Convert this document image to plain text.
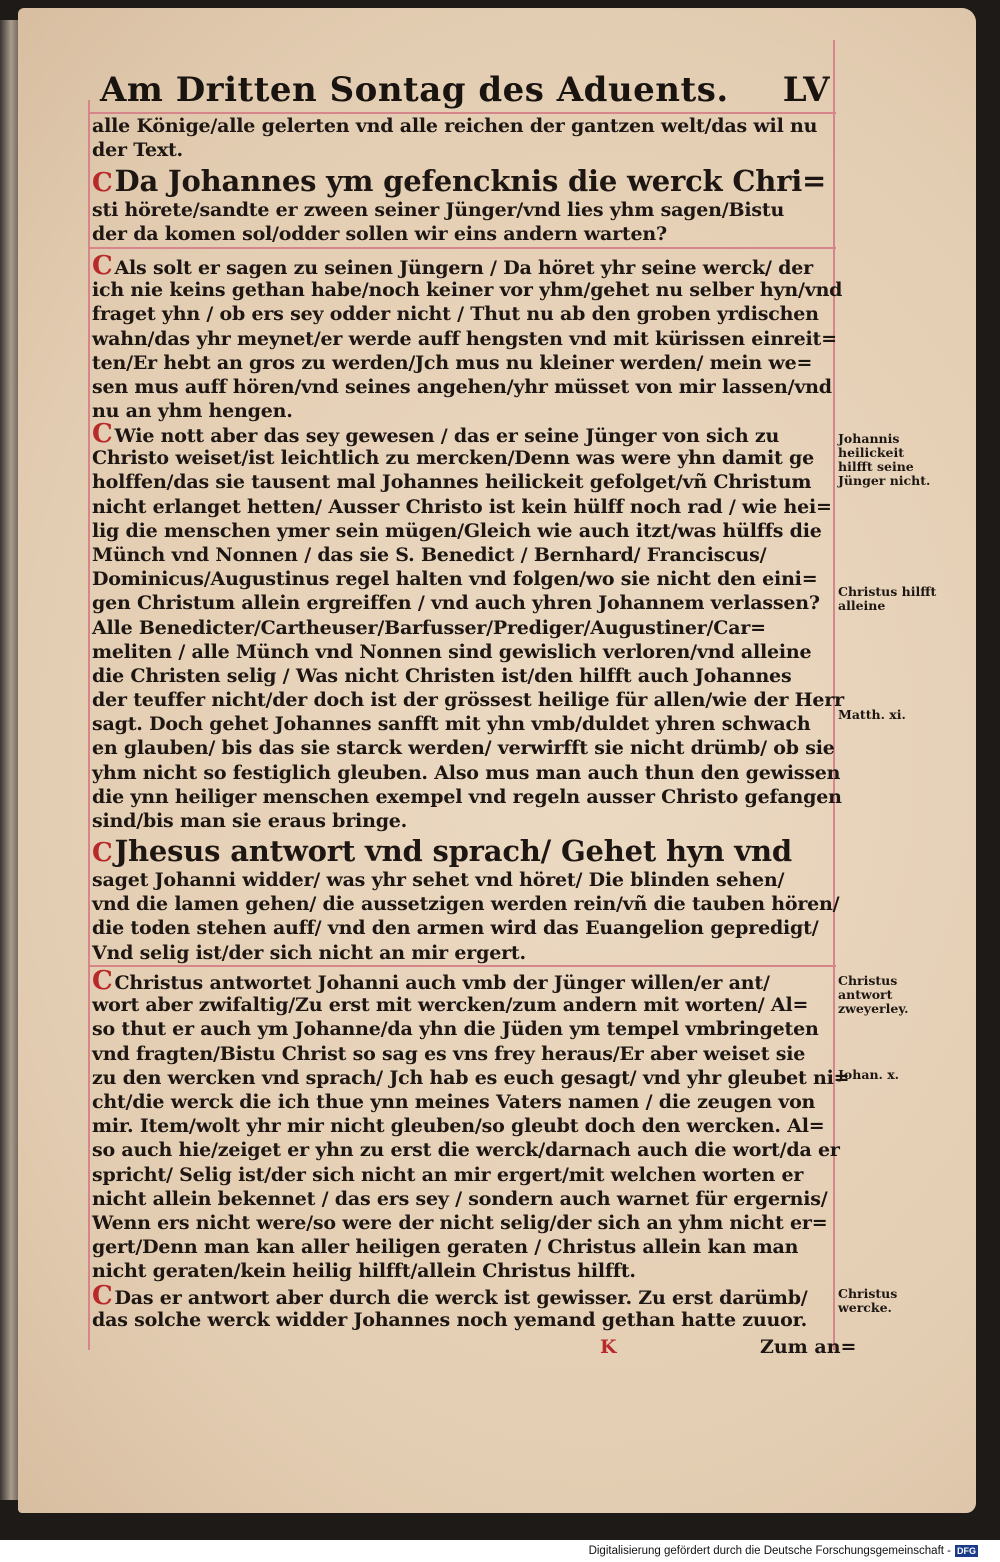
Am Dritten Sontag des Aduents. LV
alle Könige/alle gelerten vnd alle reichen der gantzen welt/das wil nu
der Text.
CDa Johannes ym gefencknis die werck Chri=
sti hörete/sandte er zween seiner Jünger/vnd lies yhm sagen/Bistu
der da komen sol/odder sollen wir eins andern warten?
C Als solt er sagen zu seinen Jüngern / Da höret yhr seine werck/ der
ich nie keins gethan habe/noch keiner vor yhm/gehet nu selber hyn/vnd
fraget yhn / ob ers sey odder nicht / Thut nu ab den groben yrdischen
wahn/das yhr meynet/er werde auff hengsten vnd mit kürissen einreit=
ten/Er hebt an gros zu werden/Jch mus nu kleiner werden/ mein we=
sen mus auff hören/vnd seines angehen/yhr müsset von mir lassen/vnd
nu an yhm hengen.
C Wie nott aber das sey gewesen / das er seine Jünger von sich zu
Christo weiset/ist leichtlich zu mercken/Denn was were yhn damit ge
holffen/das sie tausent mal Johannes heilickeit gefolget/vñ Christum
nicht erlanget hetten/ Ausser Christo ist kein hülff noch rad / wie hei=
lig die menschen ymer sein mügen/Gleich wie auch itzt/was hülffs die
Münch vnd Nonnen / das sie S. Benedict / Bernhard/ Franciscus/
Dominicus/Augustinus regel halten vnd folgen/wo sie nicht den eini=
gen Christum allein ergreiffen / vnd auch yhren Johannem verlassen?
Alle Benedicter/Cartheuser/Barfusser/Prediger/Augustiner/Car=
meliten / alle Münch vnd Nonnen sind gewislich verloren/vnd alleine
die Christen selig / Was nicht Christen ist/den hilfft auch Johannes
der teuffer nicht/der doch ist der grössest heilige für allen/wie der Herr
sagt. Doch gehet Johannes sanfft mit yhn vmb/duldet yhren schwach
en glauben/ bis das sie starck werden/ verwirfft sie nicht drümb/ ob sie
yhm nicht so festiglich gleuben. Also mus man auch thun den gewissen
die ynn heiliger menschen exempel vnd regeln ausser Christo gefangen
sind/bis man sie eraus bringe.
CJhesus antwort vnd sprach/ Gehet hyn vnd
saget Johanni widder/ was yhr sehet vnd höret/ Die blinden sehen/
vnd die lamen gehen/ die aussetzigen werden rein/vñ die tauben hören/
die toden stehen auff/ vnd den armen wird das Euangelion gepredigt/
Vnd selig ist/der sich nicht an mir ergert.
C Christus antwortet Johanni auch vmb der Jünger willen/er ant/
wort aber zwifaltig/Zu erst mit wercken/zum andern mit worten/ Al=
so thut er auch ym Johanne/da yhn die Jüden ym tempel vmbringeten
vnd fragten/Bistu Christ so sag es vns frey heraus/Er aber weiset sie
zu den wercken vnd sprach/ Jch hab es euch gesagt/ vnd yhr gleubet ni=
cht/die werck die ich thue ynn meines Vaters namen / die zeugen von
mir. Item/wolt yhr mir nicht gleuben/so gleubt doch den wercken. Al=
so auch hie/zeiget er yhn zu erst die werck/darnach auch die wort/da er
spricht/ Selig ist/der sich nicht an mir ergert/mit welchen worten er
nicht allein bekennet / das ers sey / sondern auch warnet für ergernis/
Wenn ers nicht were/so were der nicht selig/der sich an yhm nicht er=
gert/Denn man kan aller heiligen geraten / Christus allein kan man
nicht geraten/kein heilig hilfft/allein Christus hilfft.
C Das er antwort aber durch die werck ist gewisser. Zu erst darümb/
das solche werck widder Johannes noch yemand gethan hatte zuuor.
Johannis heilickeit hilfft seine Jünger nicht.
Christus hilfft alleine
Matth. xi.
Christus antwort zweyerley.
Johan. x.
Christus wercke.
K	Zum an=
Digitalisierung gefördert durch die Deutsche Forschungsgemeinschaft - DFG
